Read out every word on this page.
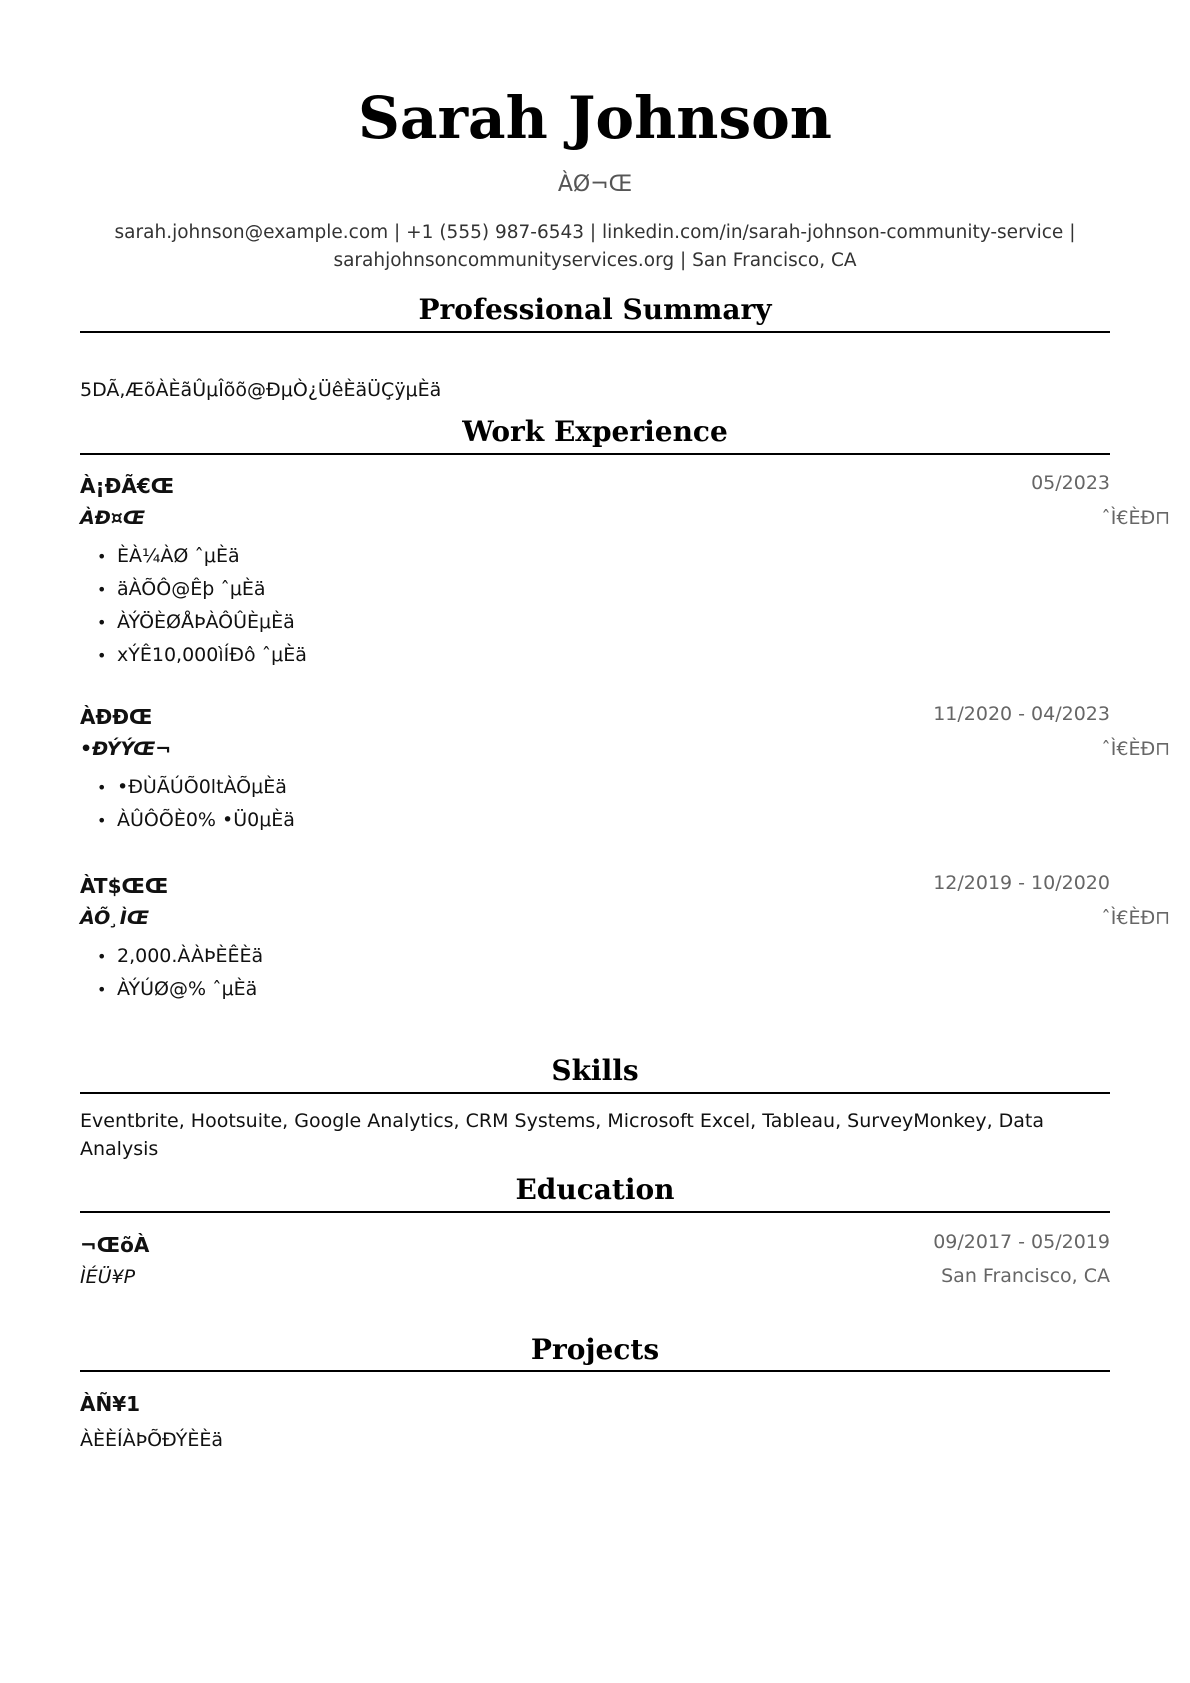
Sarah Johnson
ÀØ¬Œ
sarah.johnson@example.com | +1 (555) 987-6543 | linkedin.com/in/sarah-johnson-community-service |
sarahjohnsoncommunityservices.org | San Francisco, CA
Professional Summary
5DÃ,ÆõÀÈãÛμÎõõ@ÐμÒ¿ÜêÈäÜÇÿμÈä
Work Experience
À¡ÐÃ€Œ	05/2023
ÀÐ¤Œ	ˆÌ€ÈÐ⊓
• ÈÀ¼ÀØ ˆμÈä
• äÀÕÔ@Êþ ˆμÈä
• ÀÝÖÈØÅÞÀÔÛÈμÈä
• xÝÊ10,000ìÍÐô ˆμÈä
ÀÐÐŒ	11/2020 - 04/2023
•ÐÝÝŒ¬	ˆÌ€ÈÐ⊓
• •ÐÙÃÚÕ0ltÀÕμÈä
• ÀÛÔÕÈ0% •Ü0μÈä
ÀT$ŒŒ	12/2019 - 10/2020
ÀÕ¸ÌŒ	ˆÌ€ÈÐ⊓
• 2,000.ÀÀÞÈÊÈä
• ÀÝÚØ@% ˆμÈä
Skills
Eventbrite, Hootsuite, Google Analytics, CRM Systems, Microsoft Excel, Tableau, SurveyMonkey, Data Analysis
Education
¬ŒõÀ	09/2017 - 05/2019
ÌÉÜ¥P	San Francisco, CA
Projects
ÀÑ¥1
ÀÈÈÍÀÞÕÐÝÈÈä
